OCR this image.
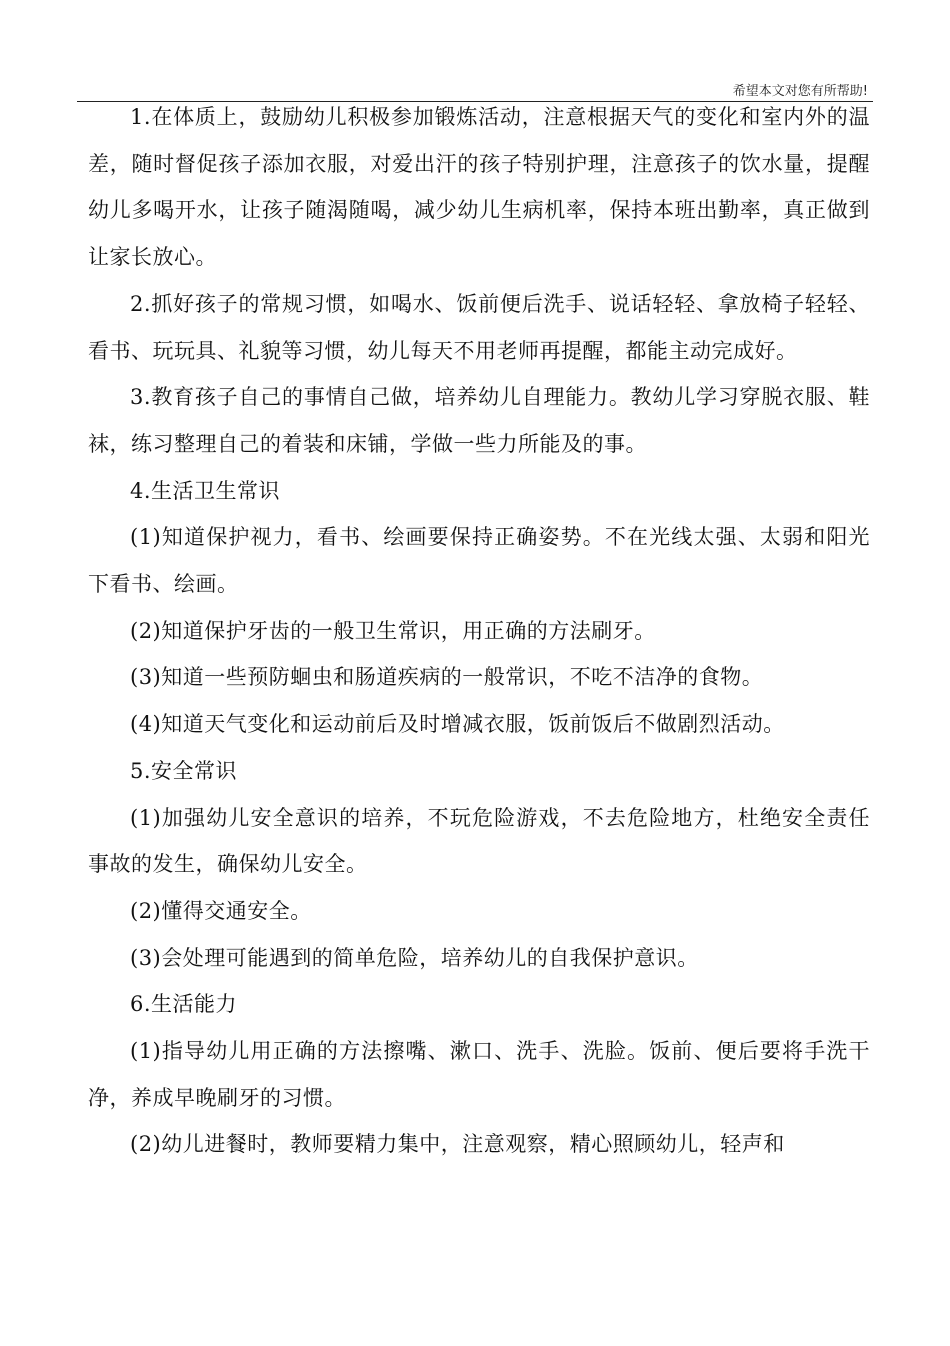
希望本文对您有所帮助!

1.在体质上，鼓励幼儿积极参加锻炼活动，注意根据天气的变化和室内外的温差，随时督促孩子添加衣服，对爱出汗的孩子特别护理，注意孩子的饮水量，提醒幼儿多喝开水，让孩子随渴随喝，减少幼儿生病机率，保持本班出勤率，真正做到让家长放心。

2.抓好孩子的常规习惯，如喝水、饭前便后洗手、说话轻轻、拿放椅子轻轻、看书、玩玩具、礼貌等习惯，幼儿每天不用老师再提醒，都能主动完成好。

3.教育孩子自己的事情自己做，培养幼儿自理能力。教幼儿学习穿脱衣服、鞋袜，练习整理自己的着装和床铺，学做一些力所能及的事。

4.生活卫生常识

(1)知道保护视力，看书、绘画要保持正确姿势。不在光线太强、太弱和阳光下看书、绘画。

(2)知道保护牙齿的一般卫生常识，用正确的方法刷牙。

(3)知道一些预防蛔虫和肠道疾病的一般常识，不吃不洁净的食物。

(4)知道天气变化和运动前后及时增减衣服，饭前饭后不做剧烈活动。

5.安全常识

(1)加强幼儿安全意识的培养，不玩危险游戏，不去危险地方，杜绝安全责任事故的发生，确保幼儿安全。

(2)懂得交通安全。

(3)会处理可能遇到的简单危险，培养幼儿的自我保护意识。

6.生活能力

(1)指导幼儿用正确的方法擦嘴、漱口、洗手、洗脸。饭前、便后要将手洗干净，养成早晚刷牙的习惯。

(2)幼儿进餐时，教师要精力集中，注意观察，精心照顾幼儿，轻声和
